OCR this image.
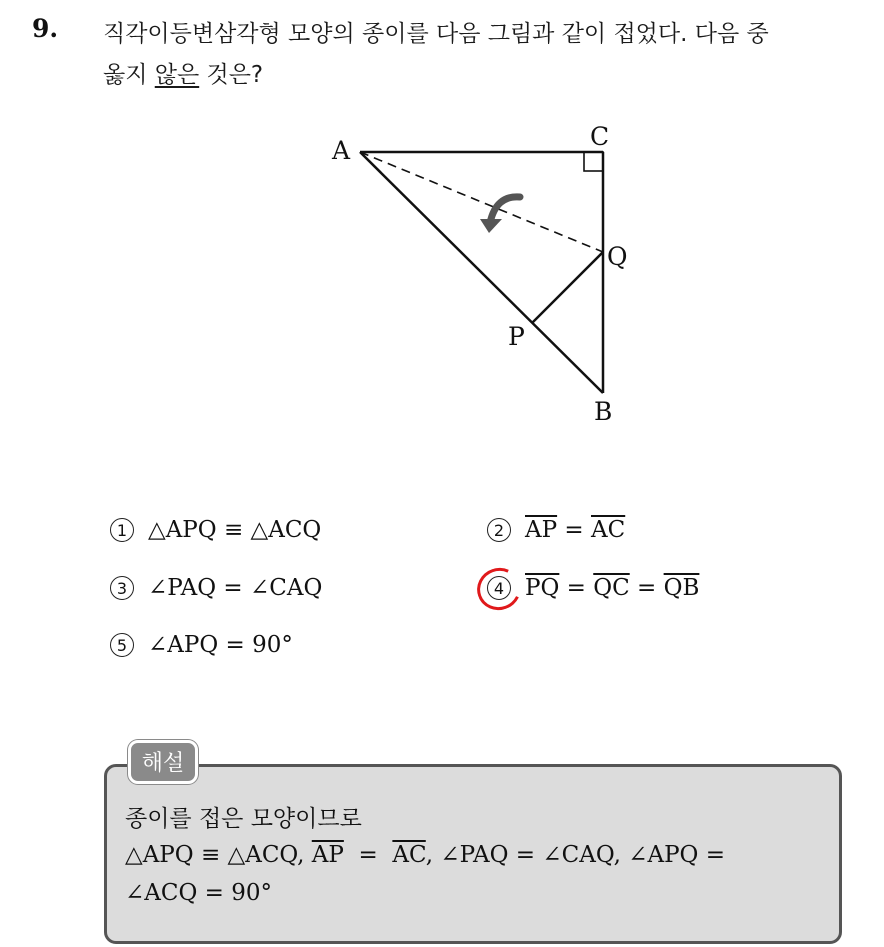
9. 직각이등변삼각형 모양의 종이를 다음 그림과 같이 접었다. 다음 중
옳지 않은 것은?
A	C
Q
P
B
1 △APQ ≡ △ACQ	2 $\overline{AP} = \overline{AC}$
3 ∠PAQ = ∠CAQ	4 $\overline{PQ} = \overline{QC} = \overline{QB}$
5 ∠APQ = 90°
해설
종이를 접은 모양이므로
△APQ ≡ △ACQ, $\overline{AP} = \overline{AC}$, ∠PAQ = ∠CAQ, ∠APQ =
∠ACQ = 90°
